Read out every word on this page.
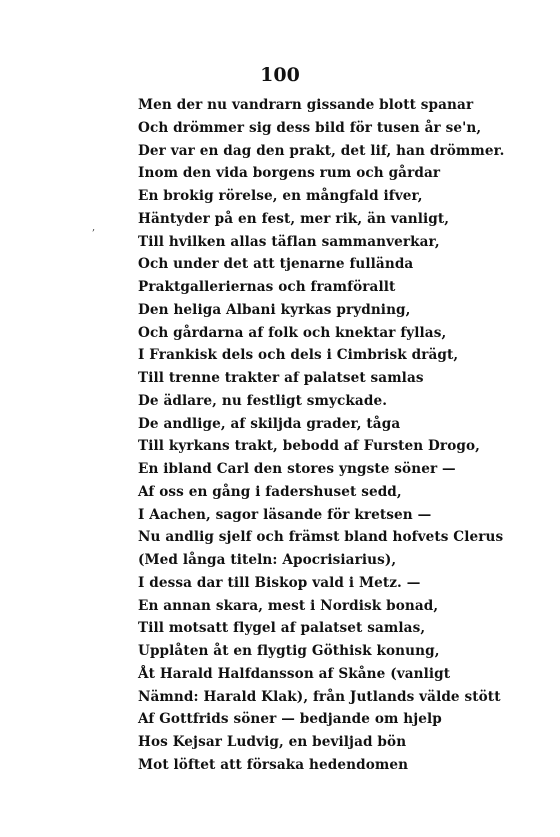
100
,
Men der nu vandrarn gissande blott spanar
Och drömmer sig dess bild för tusen år se'n,
Der var en dag den prakt, det lif, han drömmer.
Inom den vida borgens rum och gårdar
En brokig rörelse, en mångfald ifver,
Häntyder på en fest, mer rik, än vanligt,
Till hvilken allas täflan sammanverkar,
Och under det att tjenarne fulländа
Praktgalleriernas och framförallt
Den heliga Albani kyrkas prydning,
Och gårdarna af folk och knektar fyllas,
I Frankisk dels och dels i Cimbrisk drägt,
Till trenne trakter af palatset samlas
De ädlare, nu festligt smyckade.
De andlige, af skiljda grader, tåga
Till kyrkans trakt, bebodd af Fursten Drogo,
En ibland Carl den stores yngste söner —
Af oss en gång i fadershuset sedd,
I Aachen, sagor läsande för kretsen —
Nu andlig sjelf och främst bland hofvets Clerus
(Med långa titeln: Apocrisiarius),
I dessa dar till Biskop vald i Metz. —
En annan skara, mest i Nordisk bonad,
Till motsatt flygel af palatset samlas,
Upplåten åt en flygtig Göthisk konung,
Åt Harald Halfdansson af Skåne (vanligt
Nämnd: Harald Klak), från Jutlands välde stött
Af Gottfrids söner — bedjande om hjelp
Hos Kejsar Ludvig, en beviljad bön
Mot löftet att försaka hedendomen
